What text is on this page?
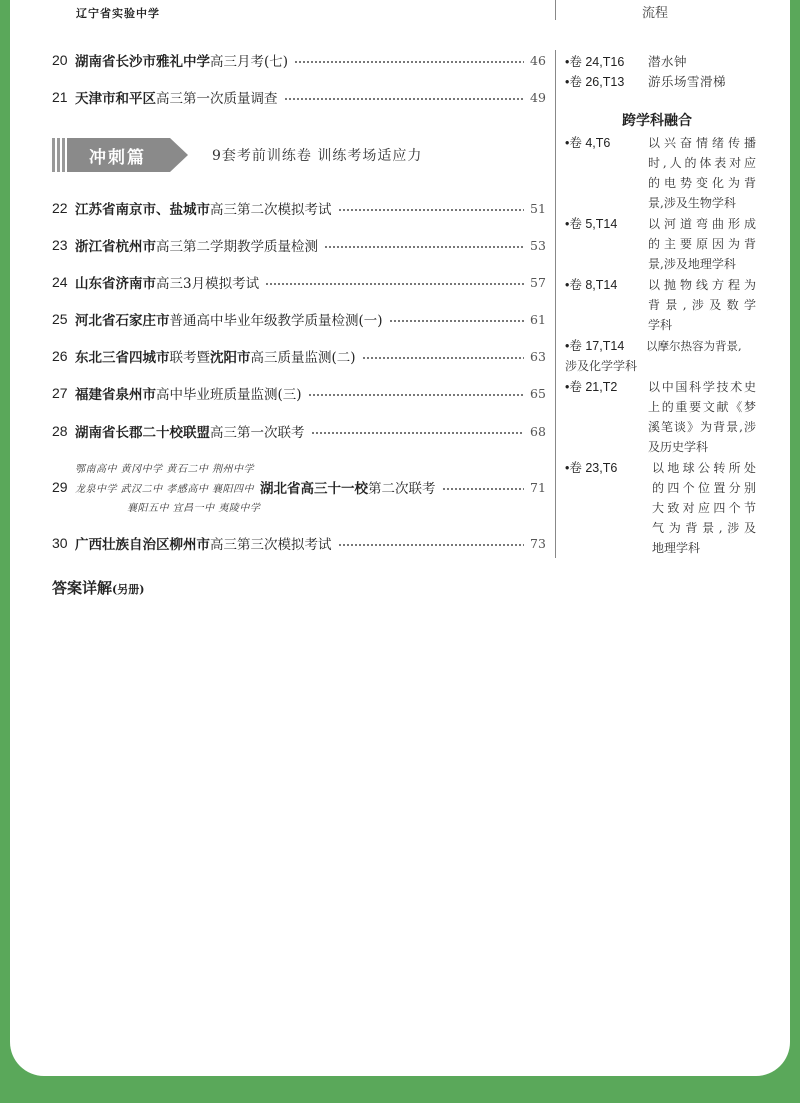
辽宁省实验中学	流程
20 湖南省长沙市雅礼中学 高三月考(七)	46
21 天津市和平区 高三第一次质量调查	49
冲刺篇	9套考前训练卷 训练考场适应力
22 江苏省南京市、盐城市 高三第二次模拟考试	51
23 浙江省杭州市 高三第二学期教学质量检测	53
24 山东省济南市 高三3月模拟考试	57
25 河北省石家庄市 普通高中毕业年级教学质量检测(一)	61
26 东北三省四城市 联考暨 沈阳市 高三质量监测(二)	63
27 福建省泉州市 高中毕业班质量监测(三)	65
28 湖南省长郡二十校联盟 高三第一次联考	68
鄂南高中 黄冈中学 黄石二中 荆州中学
29 龙泉中学 武汉二中 孝感高中 襄阳四中 湖北省高三十一校 第二次联考	71
襄阳五中 宜昌一中 夷陵中学
30 广西壮族自治区柳州市 高三第三次模拟考试	73
答案详解(另册)
•卷 24,T16	潜水钟
•卷 26,T13	游乐场雪滑梯
跨学科融合
•卷 4,T6	以兴奋情绪传播
时,人的体表对应
的电势变化为背
景,涉及生物学科
•卷 5,T14	以河道弯曲形成
的主要原因为背
景,涉及地理学科
•卷 8,T14	以抛物线方程为
背景,涉及数学
学科
•卷 17,T14	以摩尔热容为背景,
涉及化学学科
•卷 21,T2	以中国科学技术史
上的重要文献《梦
溪笔谈》为背景,涉
及历史学科
•卷 23,T6	以地球公转所处
的四个位置分别
大致对应四个节
气为背景,涉及
地理学科
